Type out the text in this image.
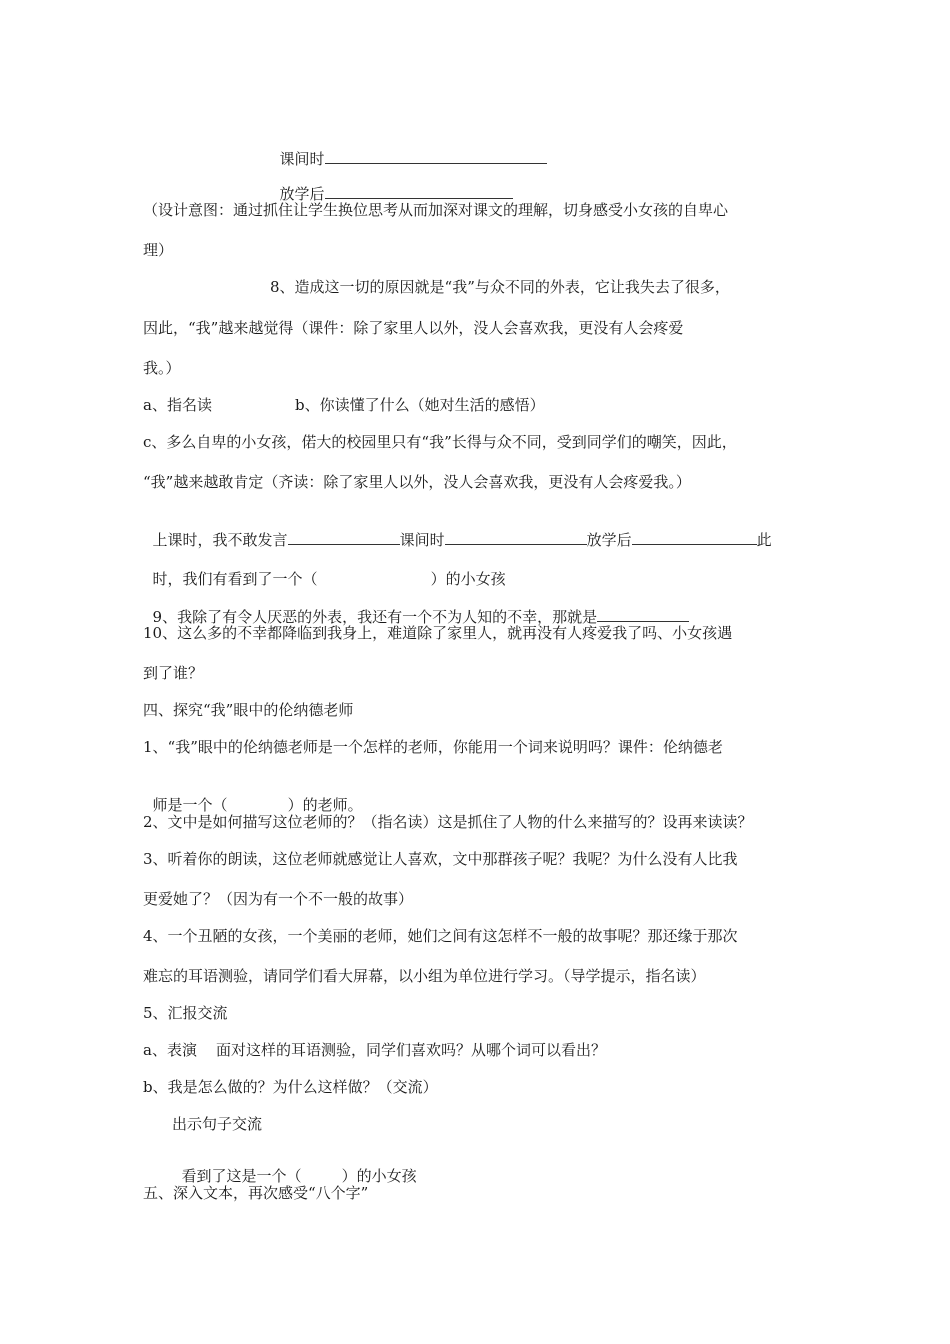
课间时

放学后

（设计意图：通过抓住让学生换位思考从而加深对课文的理解，切身感受小女孩的自卑心
理）
8、造成这一切的原因就是“我”与众不同的外表，它让我失去了很多，
因此，“我”越来越觉得（课件：除了家里人以外，没人会喜欢我，更没有人会疼爱
我。）
a、指名读	b、你读懂了什么（她对生活的感悟）
c、多么自卑的小女孩，偌大的校园里只有“我”长得与众不同，受到同学们的嘲笑，因此，
“我”越来越敢肯定（齐读：除了家里人以外，没人会喜欢我，更没有人会疼爱我。）

上课时，我不敢发言	课间时	放学后	此

时，我们有看到了一个（	）的小女孩

9、我除了有令人厌恶的外表，我还有一个不为人知的不幸，那就是

10、这么多的不幸都降临到我身上，难道除了家里人，就再没有人疼爱我了吗、小女孩遇
到了谁？
四、探究“我”眼中的伦纳德老师
1、“我”眼中的伦纳德老师是一个怎样的老师，你能用一个词来说明吗？课件：伦纳德老

师是一个（	）的老师。

2、文中是如何描写这位老师的？（指名读）这是抓住了人物的什么来描写的？设再来读读？
3、听着你的朗读，这位老师就感觉让人喜欢，文中那群孩子呢？我呢？为什么没有人比我
更爱她了？（因为有一个不一般的故事）
4、一个丑陋的女孩，一个美丽的老师，她们之间有这怎样不一般的故事呢？那还缘于那次
难忘的耳语测验，请同学们看大屏幕，以小组为单位进行学习。（导学提示，指名读）
5、汇报交流
a、表演    面对这样的耳语测验，同学们喜欢吗？从哪个词可以看出？
b、我是怎么做的？为什么这样做？（交流）
出示句子交流

看到了这是一个（	）的小女孩

五、深入文本，再次感受“八个字”
